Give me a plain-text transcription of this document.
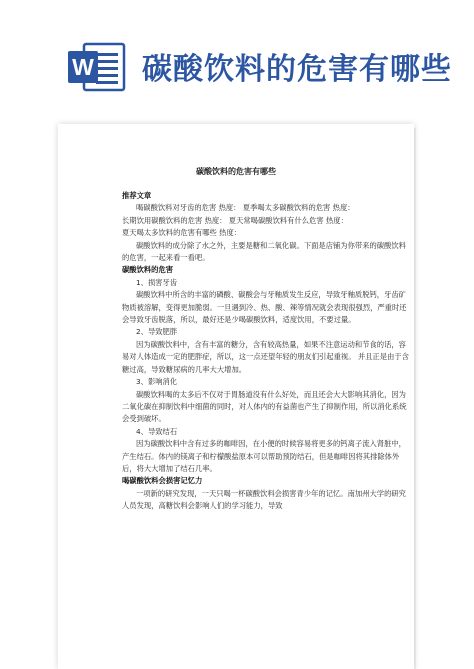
W 碳酸饮料的危害有哪些
碳酸饮料的危害有哪些

推荐文章

喝碳酸饮料对牙齿的危害 热度： 夏季喝太多碳酸饮料的危害 热度：

长期饮用碳酸饮料的危害 热度： 夏天常喝碳酸饮料有什么危害 热度：

夏天喝太多饮料的危害有哪些 热度：

碳酸饮料的成分除了水之外，主要是糖和二氧化碳。下面是店铺为你带来的碳酸饮料的危害，一起来看一看吧。

碳酸饮料的危害

1、损害牙齿

碳酸饮料中所含的丰富的磷酸、碳酸会与牙釉质发生反应，导致牙釉质脱钙，牙齿矿物质被溶解，变得更加脆弱。一旦遇到冷、热、酸、辣等情况就会表现很强烈，严重时还会导致牙齿脱落，所以，最好还是少喝碳酸饮料，适度饮用，不要过量。

2、导致肥胖

因为碳酸饮料中，含有丰富的糖分，含有较高热量，如果不注意运动和节食的话，容易对人体造成一定的肥胖症，所以，这一点还望年轻的朋友们引起重视。 并且正是由于含糖过高，导致糖尿病的几率大大增加。

3、影响消化

碳酸饮料喝的太多后不仅对于胃肠道没有什么好处，而且还会大大影响其消化，因为二氧化碳在抑制饮料中细菌的同时，对人体内的有益菌也产生了抑制作用，所以消化系统会受到破坏。

4、导致结石

因为碳酸饮料中含有过多的咖啡因，在小便的时候容易将更多的钙离子流入肾脏中，产生结石。体内的镁离子和柠檬酸盐原本可以帮助预防结石，但是咖啡因将其排除体外后，将大大增加了结石几率。

喝碳酸饮料会损害记忆力

一项新的研究发现，一天只喝一杯碳酸饮料会损害青少年的记忆。南加州大学的研究人员发现，高糖饮料会影响人们的学习能力，导致
